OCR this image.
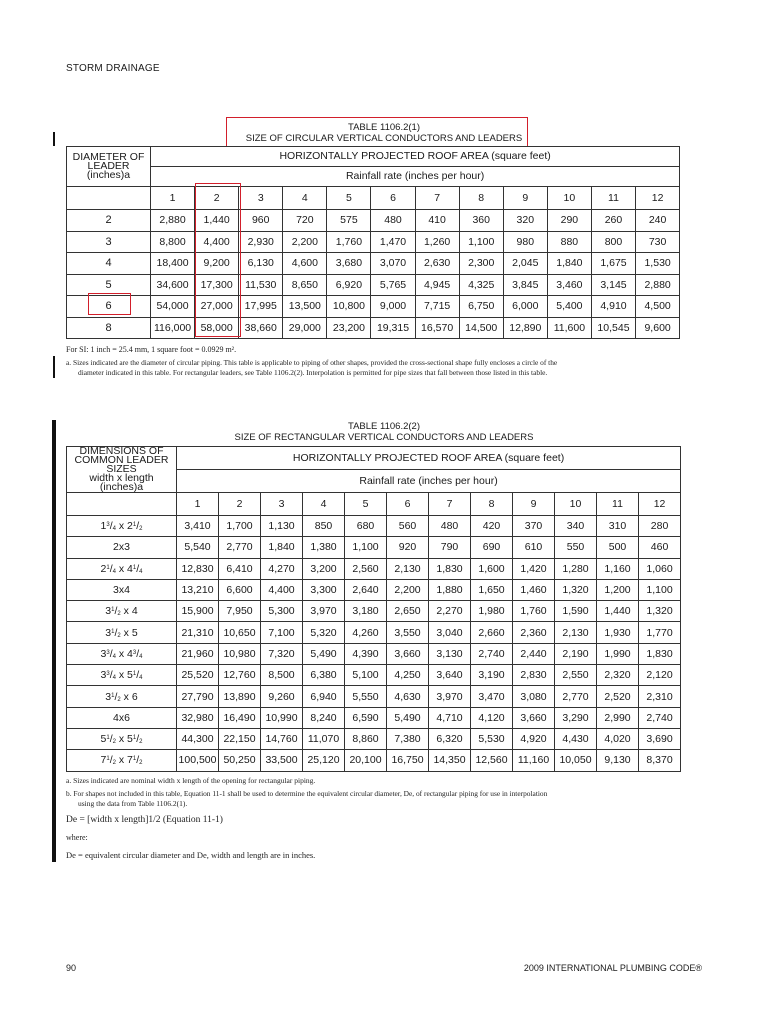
STORM DRAINAGE
TABLE 1106.2(1)
SIZE OF CIRCULAR VERTICAL CONDUCTORS AND LEADERS
DIAMETER OF
LEADER
(inches)a	HORIZONTALLY PROJECTED ROOF AREA (square feet)											
	Rainfall rate (inches per hour)											
	1	2	3	4	5	6	7	8	9	10	11	12
2	2,880	1,440	960	720	575	480	410	360	320	290	260	240
3	8,800	4,400	2,930	2,200	1,760	1,470	1,260	1,100	980	880	800	730
4	18,400	9,200	6,130	4,600	3,680	3,070	2,630	2,300	2,045	1,840	1,675	1,530
5	34,600	17,300	11,530	8,650	6,920	5,765	4,945	4,325	3,845	3,460	3,145	2,880
6	54,000	27,000	17,995	13,500	10,800	9,000	7,715	6,750	6,000	5,400	4,910	4,500
8	116,000	58,000	38,660	29,000	23,200	19,315	16,570	14,500	12,890	11,600	10,545	9,600
For SI: 1 inch = 25.4 mm, 1 square foot = 0.0929 m².
a. Sizes indicated are the diameter of circular piping. This table is applicable to piping of other shapes, provided the cross-sectional shape fully encloses a circle of the
diameter indicated in this table. For rectangular leaders, see Table 1106.2(2). Interpolation is permitted for pipe sizes that fall between those listed in this table.
TABLE 1106.2(2)
SIZE OF RECTANGULAR VERTICAL CONDUCTORS AND LEADERS
DIMENSIONS OF
COMMON LEADER SIZES
width x length (inches)a	HORIZONTALLY PROJECTED ROOF AREA (square feet)											
	Rainfall rate (inches per hour)											
	1	2	3	4	5	6	7	8	9	10	11	12
$1^3/_4$ x $2^1/_2$	3,410	1,700	1,130	850	680	560	480	420	370	340	310	280
2x3	5,540	2,770	1,840	1,380	1,100	920	790	690	610	550	500	460
$2^1/_4$ x $4^1/_4$	12,830	6,410	4,270	3,200	2,560	2,130	1,830	1,600	1,420	1,280	1,160	1,060
3x4	13,210	6,600	4,400	3,300	2,640	2,200	1,880	1,650	1,460	1,320	1,200	1,100
$3^1/_2$ x 4	15,900	7,950	5,300	3,970	3,180	2,650	2,270	1,980	1,760	1,590	1,440	1,320
$3^1/_2$ x 5	21,310	10,650	7,100	5,320	4,260	3,550	3,040	2,660	2,360	2,130	1,930	1,770
$3^3/_4$ x $4^3/_4$	21,960	10,980	7,320	5,490	4,390	3,660	3,130	2,740	2,440	2,190	1,990	1,830
$3^3/_4$ x $5^1/_4$	25,520	12,760	8,500	6,380	5,100	4,250	3,640	3,190	2,830	2,550	2,320	2,120
$3^1/_2$ x 6	27,790	13,890	9,260	6,940	5,550	4,630	3,970	3,470	3,080	2,770	2,520	2,310
4x6	32,980	16,490	10,990	8,240	6,590	5,490	4,710	4,120	3,660	3,290	2,990	2,740
$5^1/_2$ x $5^1/_2$	44,300	22,150	14,760	11,070	8,860	7,380	6,320	5,530	4,920	4,430	4,020	3,690
$7^1/_2$ x $7^1/_2$	100,500	50,250	33,500	25,120	20,100	16,750	14,350	12,560	11,160	10,050	9,130	8,370
a. Sizes indicated are nominal width x length of the opening for rectangular piping.
b. For shapes not included in this table, Equation 11-1 shall be used to determine the equivalent circular diameter, De, of rectangular piping for use in interpolation
using the data from Table 1106.2(1).
De = [width x length]1/2 (Equation 11-1)
where:
De = equivalent circular diameter and De, width and length are in inches.
90	2009 INTERNATIONAL PLUMBING CODE®
